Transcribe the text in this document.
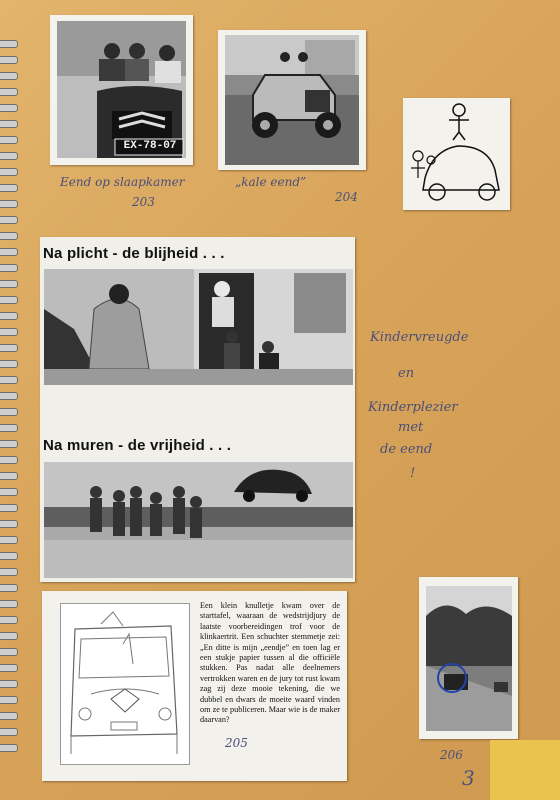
EX-78-07
Eend op slaapkamer
203
„kale eend”
204
Na plicht - de blijheid . . .
Na muren - de vrijheid . . .
Kindervreugde
en
Kinderplezier
met
de eend
!
Een klein knulletje kwam over de starttafel, waaraan de wedstrijdjury de laatste voorbereidingen trof voor de klinkaertrit. Een schuchter stemmetje zei: „En ditte is mijn „eendje” en toen lag er een stukje papier tussen al die officiële stukken. Pas nadat alle deelnemers vertrokken waren en de jury tot rust kwam zag zij deze mooie tekening, die we dubbel en dwars de moeite waard vinden om ze te publiceren. Maar wie is de maker daarvan?
205
206
3
